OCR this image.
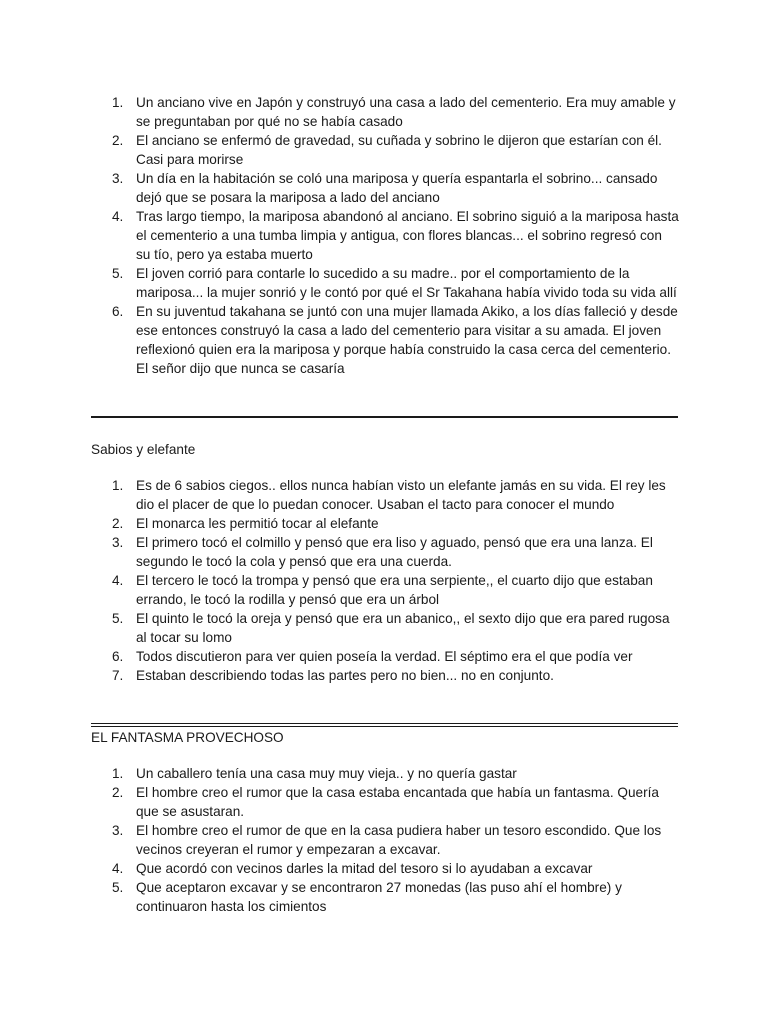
1. Un anciano vive en Japón y construyó una casa a lado del cementerio. Era muy amable y se preguntaban por qué no se había casado
2. El anciano se enfermó de gravedad, su cuñada y sobrino le dijeron que estarían con él. Casi para morirse
3. Un día en la habitación se coló una mariposa y quería espantarla el sobrino... cansado dejó que se posara la mariposa a lado del anciano
4. Tras largo tiempo, la mariposa abandonó al anciano. El sobrino siguió a la mariposa hasta el cementerio a una tumba limpia y antigua, con flores blancas... el sobrino regresó con su tío, pero ya estaba muerto
5. El joven corrió para contarle lo sucedido a su madre.. por el comportamiento de la mariposa... la mujer sonrió y le contó por qué el Sr Takahana había vivido toda su vida allí
6. En su juventud takahana se juntó con una mujer llamada Akiko, a los días falleció y desde ese entonces construyó la casa a lado del cementerio para visitar a su amada. El joven reflexionó quien era la mariposa y porque había construido la casa cerca del cementerio. El señor dijo que nunca se casaría
Sabios y elefante
1. Es de 6 sabios ciegos.. ellos nunca habían visto un elefante jamás en su vida. El rey les dio el placer de que lo puedan conocer. Usaban el tacto para conocer el mundo
2. El monarca les permitió tocar al elefante
3. El primero tocó el colmillo y pensó que era liso y aguado, pensó que era una lanza. El segundo le tocó la cola y pensó que era una cuerda.
4. El tercero le tocó la trompa y pensó que era una serpiente,, el cuarto dijo que estaban errando, le tocó la rodilla y pensó que era un árbol
5. El quinto le tocó la oreja y pensó que era un abanico,, el sexto dijo que era pared rugosa al tocar su lomo
6. Todos discutieron para ver quien poseía la verdad. El séptimo era el que podía ver
7. Estaban describiendo todas las partes pero no bien... no en conjunto.
EL FANTASMA PROVECHOSO
1. Un caballero tenía una casa muy muy vieja.. y no quería gastar
2. El hombre creo el rumor que la casa estaba encantada que había un fantasma. Quería que se asustaran.
3. El hombre creo el rumor de que en la casa pudiera haber un tesoro escondido. Que los vecinos creyeran el rumor y empezaran a excavar.
4. Que acordó con vecinos darles la mitad del tesoro si lo ayudaban a excavar
5. Que aceptaron excavar y se encontraron 27 monedas (las puso ahí el hombre) y continuaron hasta los cimientos
